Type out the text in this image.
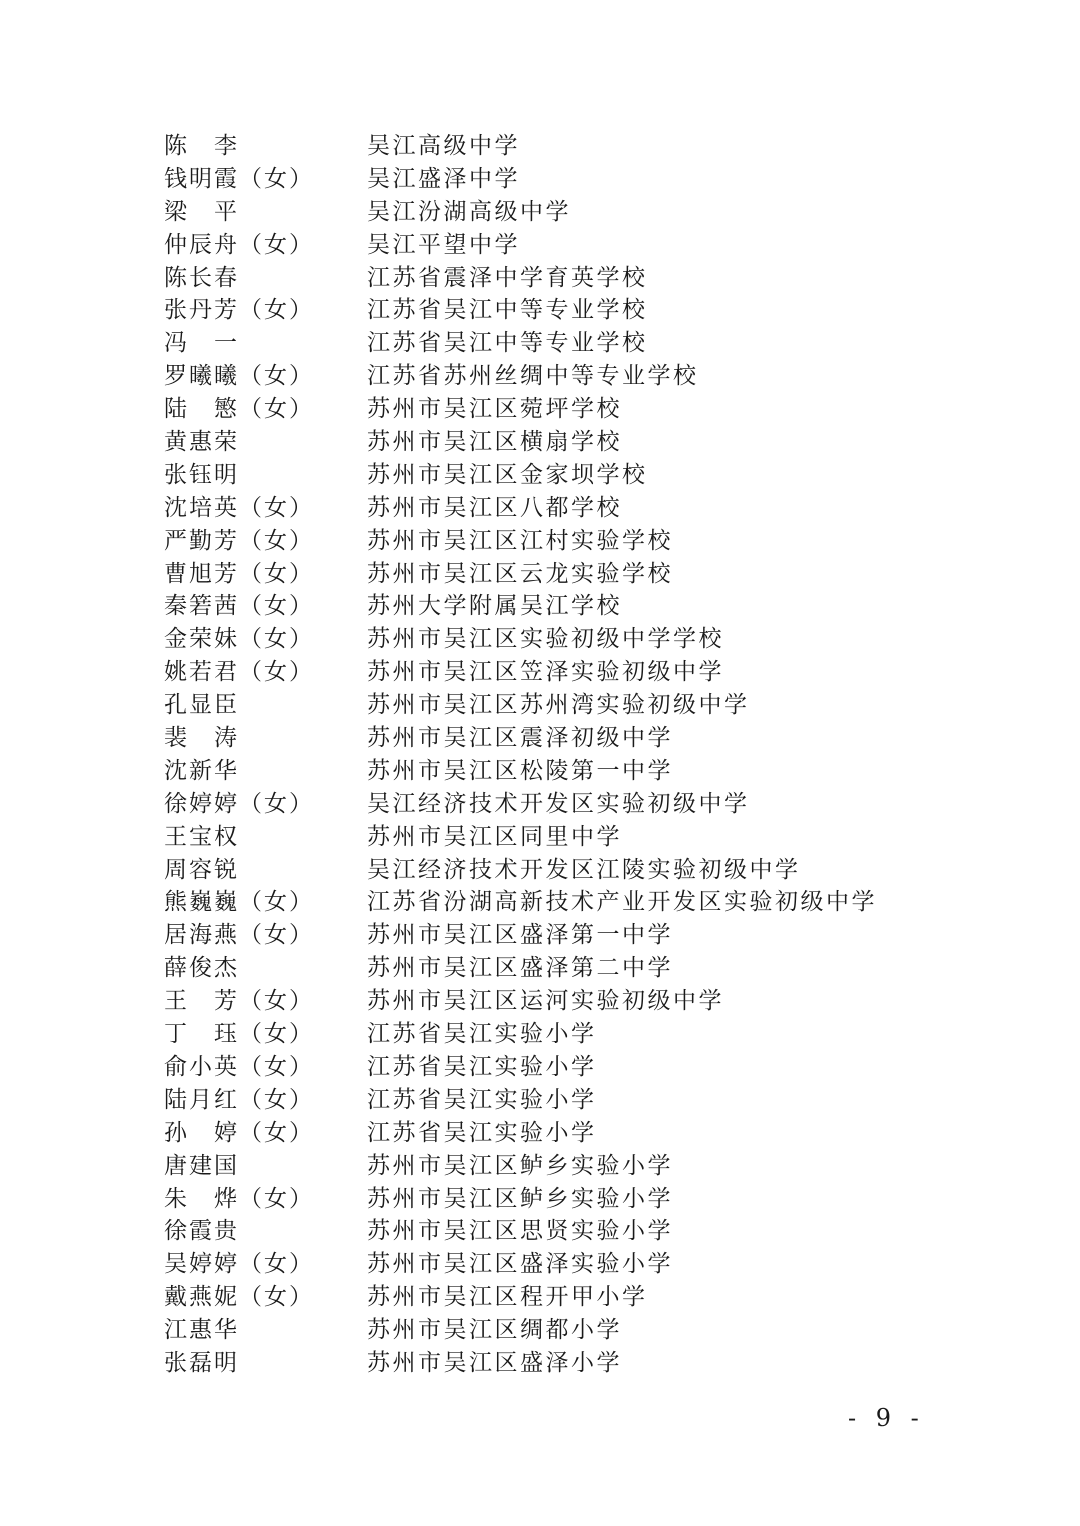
陈　李	吴江高级中学
钱明霞（女） 吴江盛泽中学
梁　平	吴江汾湖高级中学
仲辰舟（女） 吴江平望中学
陈长春	江苏省震泽中学育英学校
张丹芳（女） 江苏省吴江中等专业学校
冯　一	江苏省吴江中等专业学校
罗曦曦（女） 江苏省苏州丝绸中等专业学校
陆　慜（女） 苏州市吴江区菀坪学校
黄惠荣	苏州市吴江区横扇学校
张钰明	苏州市吴江区金家坝学校
沈培英（女） 苏州市吴江区八都学校
严勤芳（女） 苏州市吴江区江村实验学校
曹旭芳（女） 苏州市吴江区云龙实验学校
秦箬茜（女） 苏州大学附属吴江学校
金荣妹（女） 苏州市吴江区实验初级中学学校
姚若君（女） 苏州市吴江区笠泽实验初级中学
孔显臣	苏州市吴江区苏州湾实验初级中学
裴　涛	苏州市吴江区震泽初级中学
沈新华	苏州市吴江区松陵第一中学
徐婷婷（女） 吴江经济技术开发区实验初级中学
王宝权	苏州市吴江区同里中学
周容锐	吴江经济技术开发区江陵实验初级中学
熊巍巍（女） 江苏省汾湖高新技术产业开发区实验初级中学
居海燕（女） 苏州市吴江区盛泽第一中学
薛俊杰	苏州市吴江区盛泽第二中学
王　芳（女） 苏州市吴江区运河实验初级中学
丁　珏（女） 江苏省吴江实验小学
俞小英（女） 江苏省吴江实验小学
陆月红（女） 江苏省吴江实验小学
孙　婷（女） 江苏省吴江实验小学
唐建国	苏州市吴江区鲈乡实验小学
朱　烨（女） 苏州市吴江区鲈乡实验小学
徐霞贵	苏州市吴江区思贤实验小学
吴婷婷（女） 苏州市吴江区盛泽实验小学
戴燕妮（女） 苏州市吴江区程开甲小学
江惠华	苏州市吴江区绸都小学
张磊明	苏州市吴江区盛泽小学
- 9 -
